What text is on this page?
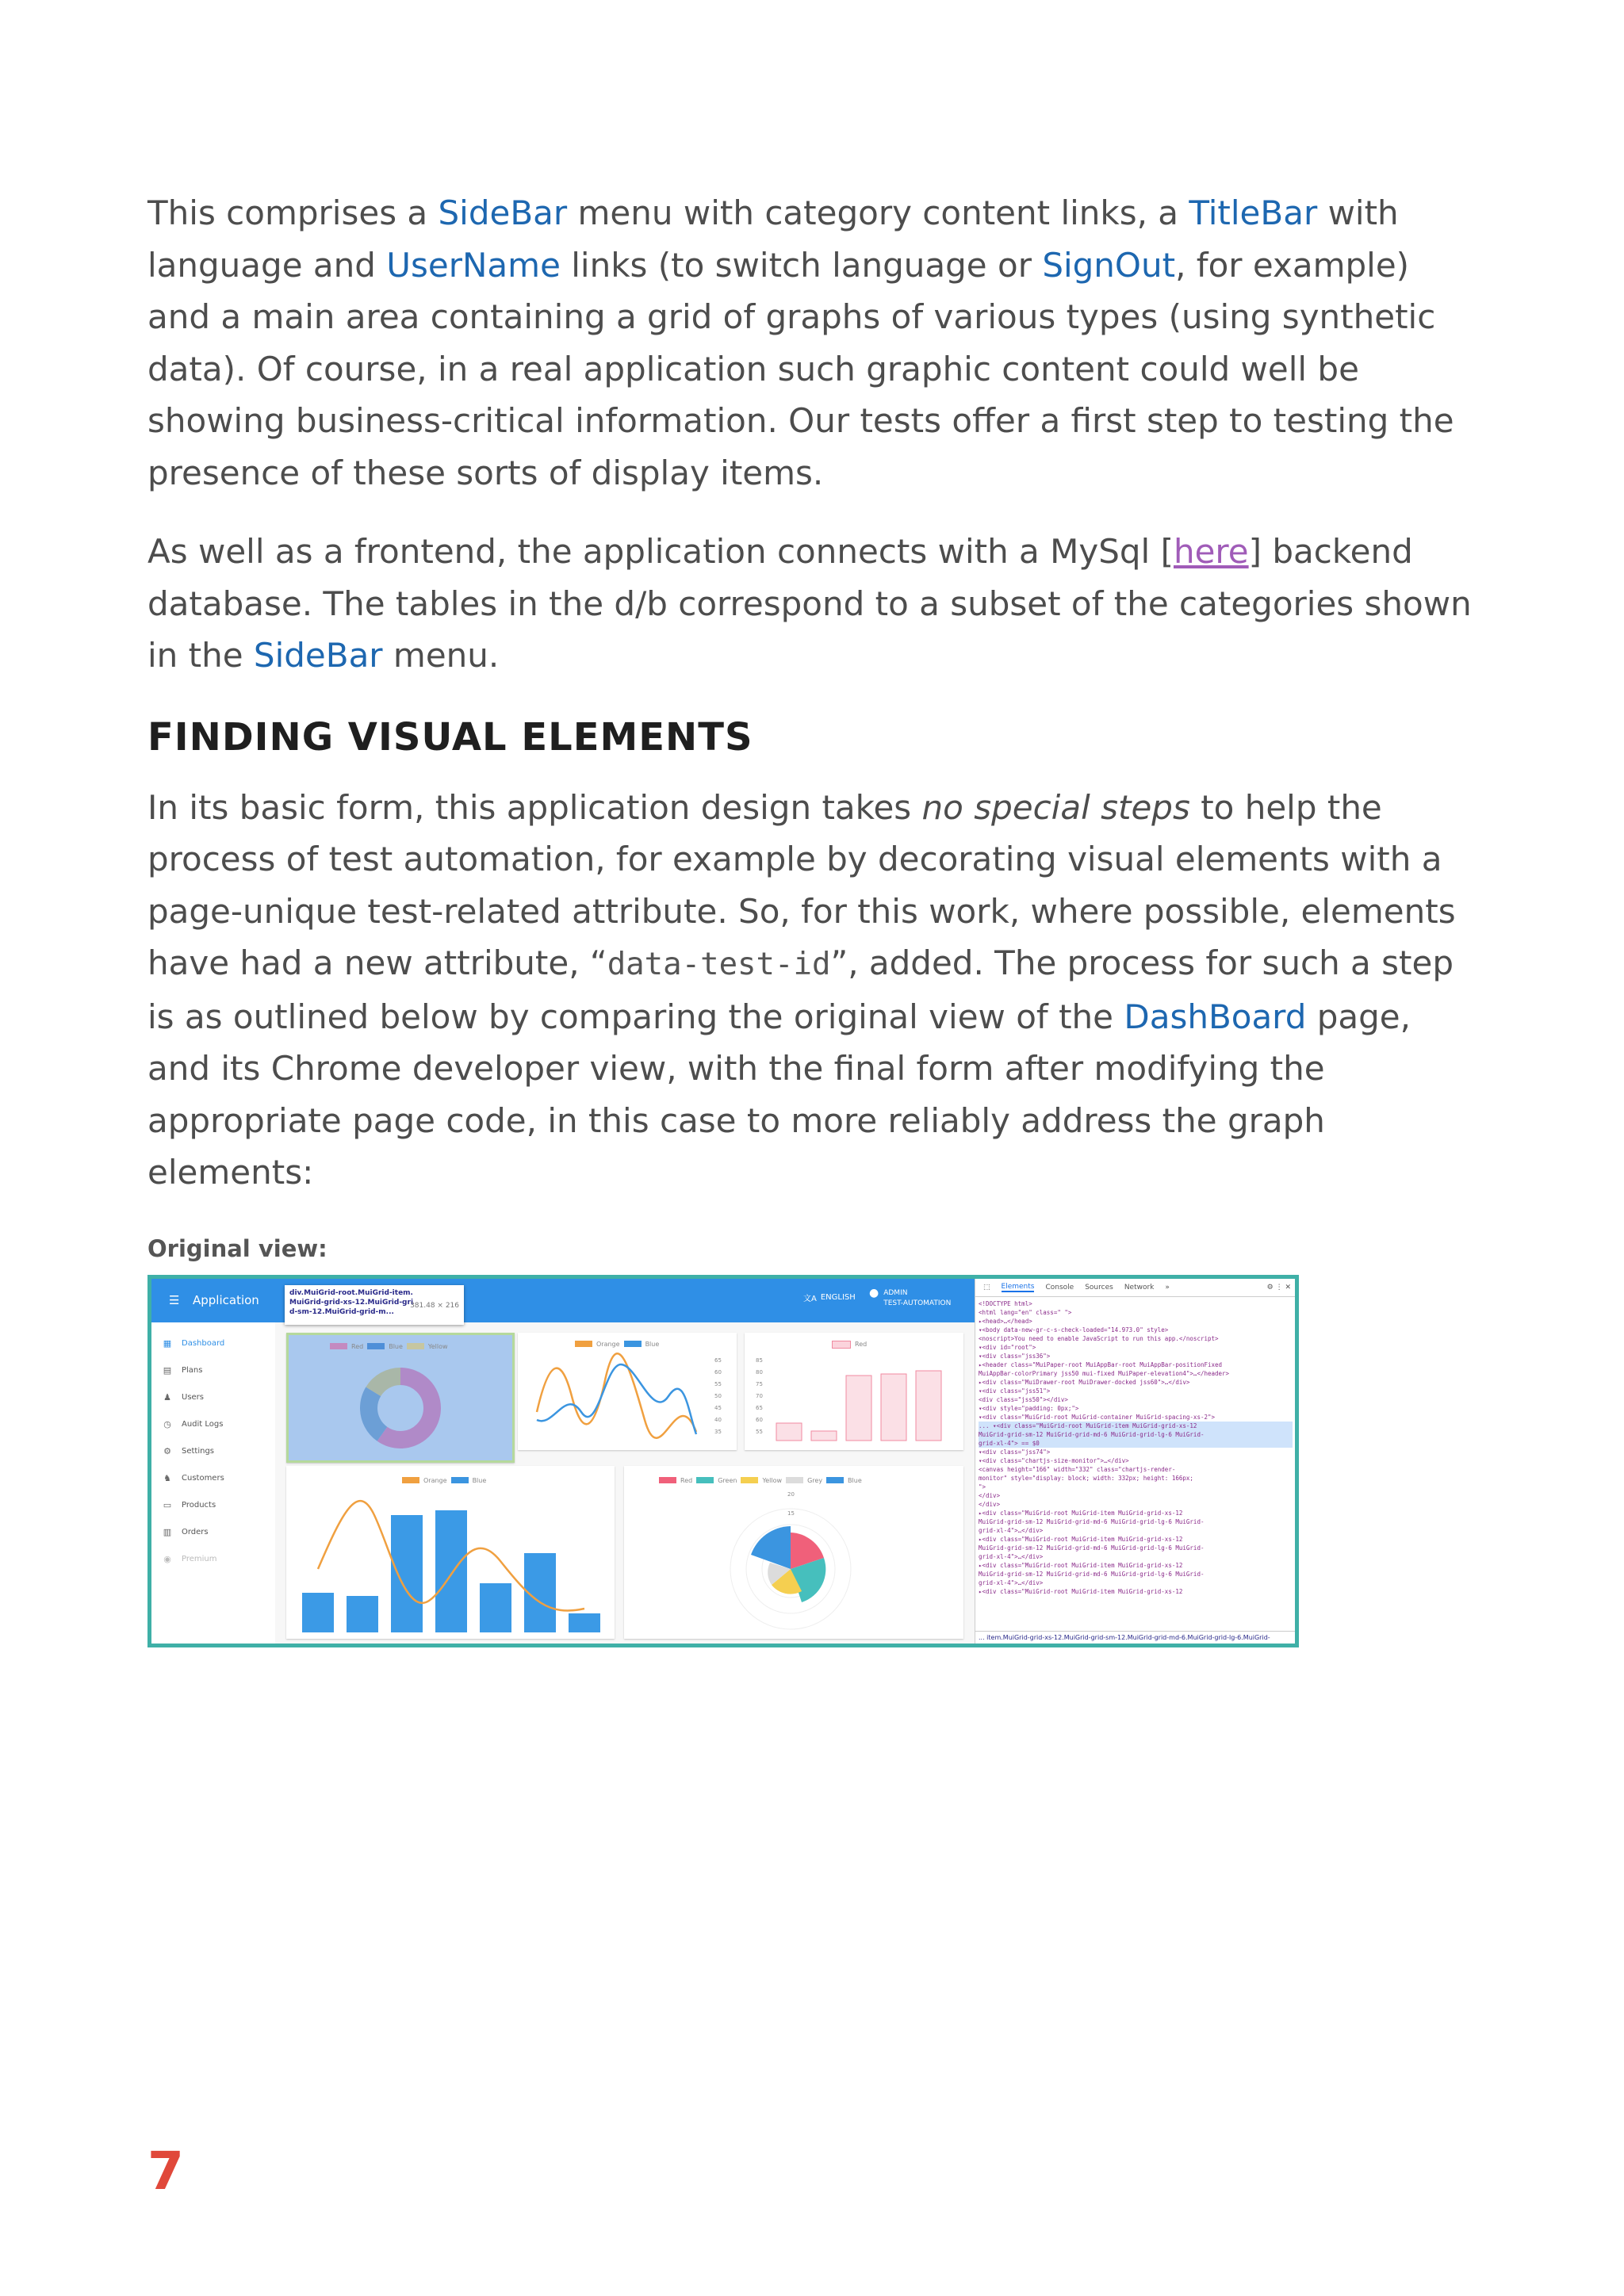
This comprises a SideBar menu with category content links, a TitleBar with language and UserName links (to switch language or SignOut, for example) and a main area containing a grid of graphs of various types (using synthetic data). Of course, in a real application such graphic content could well be showing business-critical information. Our tests offer a first step to testing the presence of these sorts of display items.

As well as a frontend, the application connects with a MySql [here] backend database. The tables in the d/b correspond to a subset of the categories shown in the SideBar menu.

FINDING VISUAL ELEMENTS

In its basic form, this application design takes no special steps to help the process of test automation, for example by decorating visual elements with a page-unique test-related attribute. So, for this work, where possible, elements have had a new attribute, “data-test-id”, added. The process for such a step is as outlined below by comparing the original view of the DashBoard page, and its Chrome developer view, with the final form after modifying the appropriate page code, in this case to more reliably address the graph elements:

Original view:
☰ Application	文A ENGLISH ● ADMIN
TEST-AUTOMATION
▦ Dashboard
▤ Plans
♟ Users
◷ Audit Logs
⚙ Settings
♞ Customers
▭ Products
▥ Orders
◉ Premium
Red	Blue	Yellow	Orange	Blue
65
60
55
50
45
40
35
Red
85
80
75
70
65
60
55
Orange	Blue	Red	Green	Yellow	Grey	Blue
20
15
div.MuiGrid-root.MuiGrid-item.
MuiGrid-grid-xs-12.MuiGrid-gri
d-sm-12.MuiGrid-grid-m...
381.48 × 216
⬚ Elements Console Sources Network »	⚙ ⋮ ✕
<!DOCTYPE html>
<html lang="en" class=" ">
▸<head>…</head>
▾<body data-new-gr-c-s-check-loaded="14.973.0" style>
<noscript>You need to enable JavaScript to run this app.</noscript>
▾<div id="root">
▾<div class="jss36">
▸<header class="MuiPaper-root MuiAppBar-root MuiAppBar-positionFixed
MuiAppBar-colorPrimary jss50 mui-fixed MuiPaper-elevation4">…</header>
▸<div class="MuiDrawer-root MuiDrawer-docked jss60">…</div>
▾<div class="jss51">
<div class="jss50"></div>
▾<div style="padding: 0px;">
▾<div class="MuiGrid-root MuiGrid-container MuiGrid-spacing-xs-2">
... ▾<div class="MuiGrid-root MuiGrid-item MuiGrid-grid-xs-12
MuiGrid-grid-sm-12 MuiGrid-grid-md-6 MuiGrid-grid-lg-6 MuiGrid-
grid-xl-4"> == $0
▾<div class="jss74">
▾<div class="chartjs-size-monitor">…</div>
<canvas height="166" width="332" class="chartjs-render-
monitor" style="display: block; width: 332px; height: 166px;
">
</div>
</div>
▸<div class="MuiGrid-root MuiGrid-item MuiGrid-grid-xs-12
MuiGrid-grid-sm-12 MuiGrid-grid-md-6 MuiGrid-grid-lg-6 MuiGrid-
grid-xl-4">…</div>
▸<div class="MuiGrid-root MuiGrid-item MuiGrid-grid-xs-12
MuiGrid-grid-sm-12 MuiGrid-grid-md-6 MuiGrid-grid-lg-6 MuiGrid-
grid-xl-4">…</div>
▸<div class="MuiGrid-root MuiGrid-item MuiGrid-grid-xs-12
MuiGrid-grid-sm-12 MuiGrid-grid-md-6 MuiGrid-grid-lg-6 MuiGrid-
grid-xl-4">…</div>
▸<div class="MuiGrid-root MuiGrid-item MuiGrid-grid-xs-12
... item.MuiGrid-grid-xs-12.MuiGrid-grid-sm-12.MuiGrid-grid-md-6.MuiGrid-grid-lg-6.MuiGrid-
7
